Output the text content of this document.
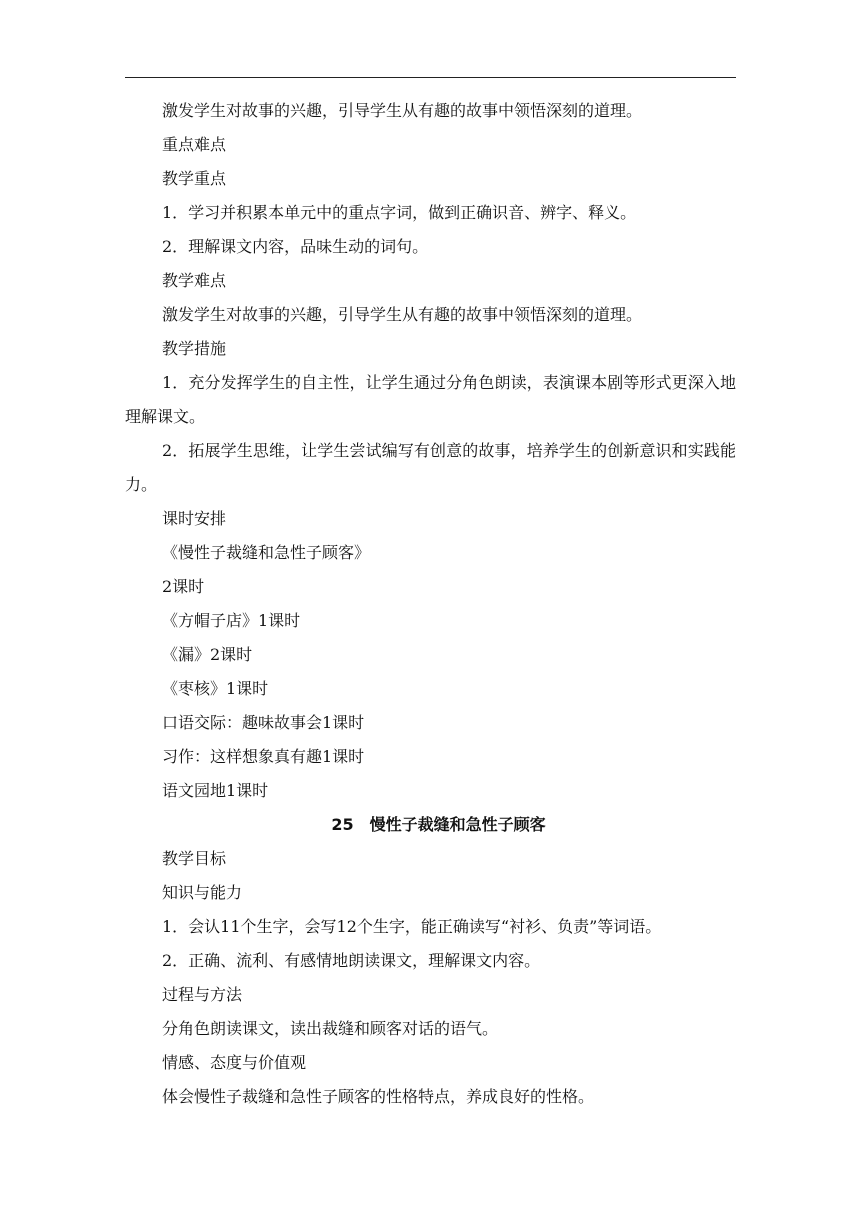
激发学生对故事的兴趣，引导学生从有趣的故事中领悟深刻的道理。
重点难点
教学重点
1．学习并积累本单元中的重点字词，做到正确识音、辨字、释义。
2．理解课文内容，品味生动的词句。
教学难点
激发学生对故事的兴趣，引导学生从有趣的故事中领悟深刻的道理。
教学措施
1．充分发挥学生的自主性，让学生通过分角色朗读，表演课本剧等形式更深入地理解课文。
2．拓展学生思维，让学生尝试编写有创意的故事，培养学生的创新意识和实践能力。
课时安排
《慢性子裁缝和急性子顾客》
2课时
《方帽子店》1课时
《漏》2课时
《枣核》1课时
口语交际：趣味故事会1课时
习作：这样想象真有趣1课时
语文园地1课时
25　慢性子裁缝和急性子顾客
教学目标
知识与能力
1．会认11个生字，会写12个生字，能正确读写“衬衫、负责”等词语。
2．正确、流利、有感情地朗读课文，理解课文内容。
过程与方法
分角色朗读课文，读出裁缝和顾客对话的语气。
情感、态度与价值观
体会慢性子裁缝和急性子顾客的性格特点，养成良好的性格。
